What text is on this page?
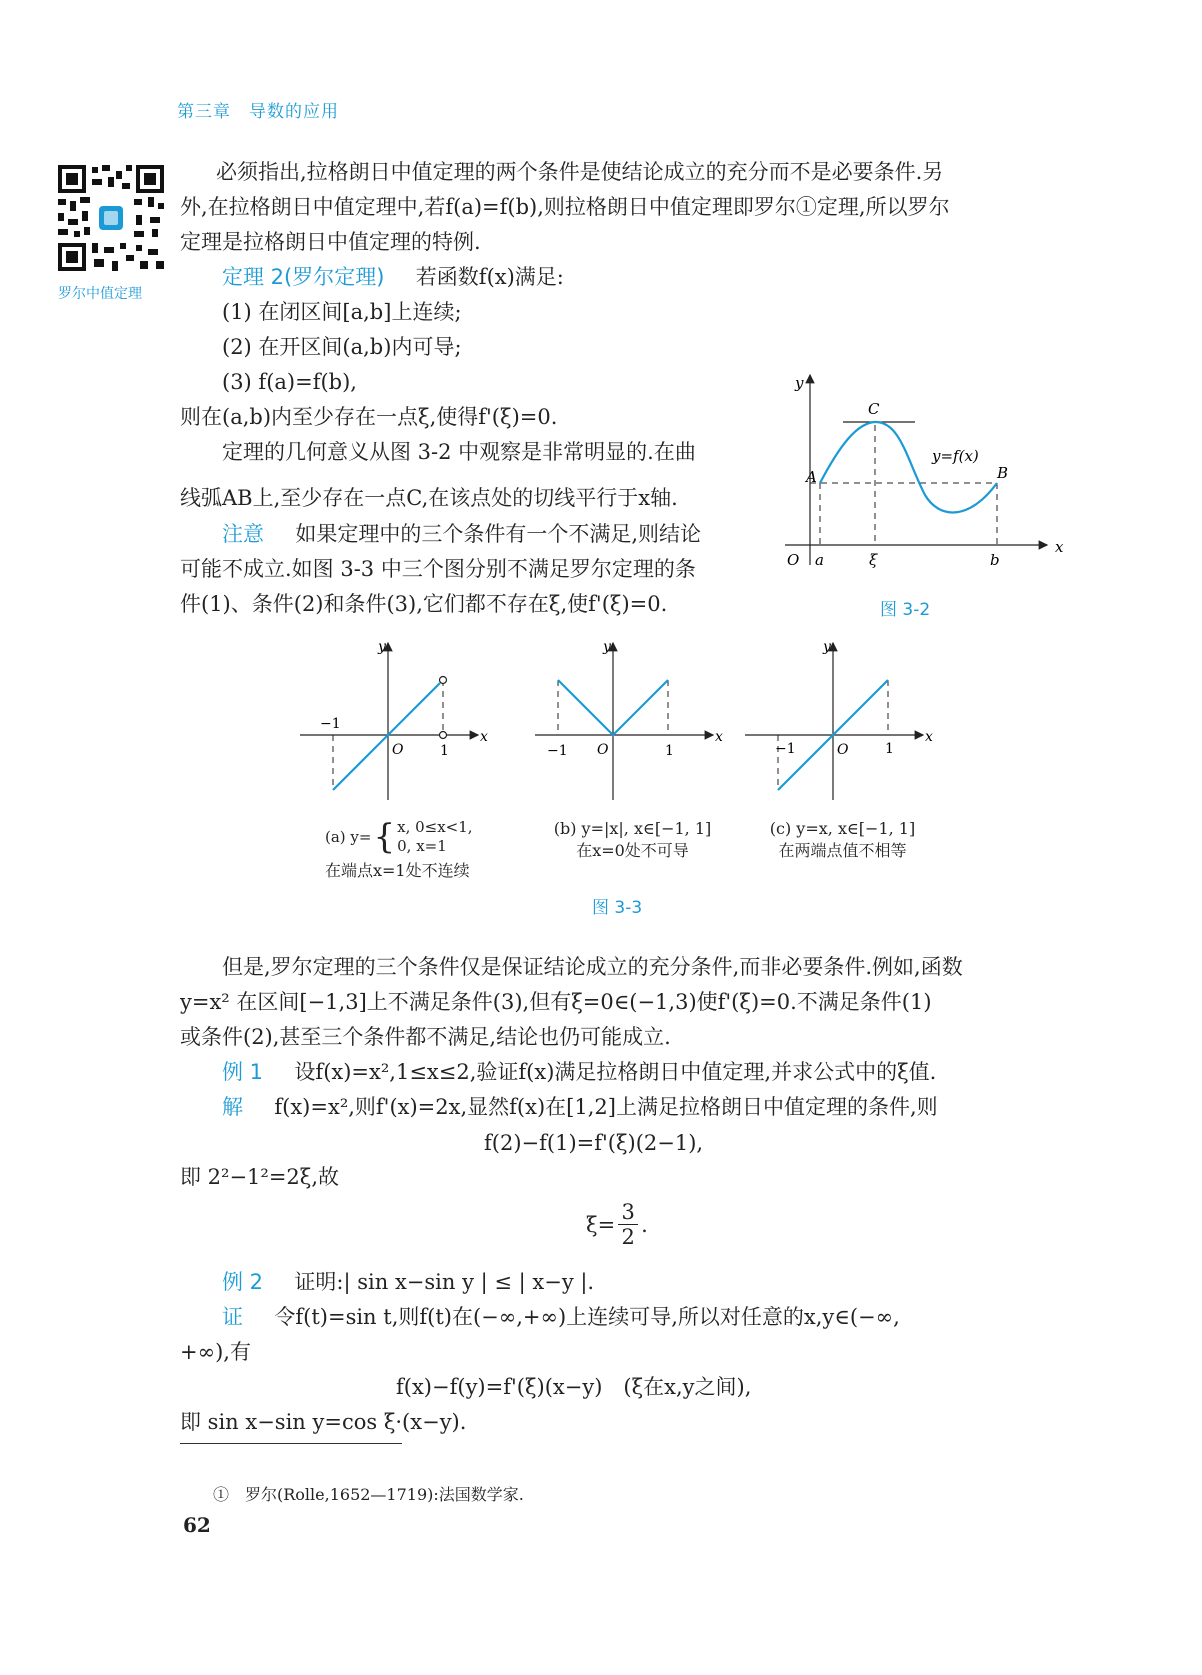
第三章　导数的应用
罗尔中值定理
必须指出,拉格朗日中值定理的两个条件是使结论成立的充分而不是必要条件.另
外,在拉格朗日中值定理中,若f(a)=f(b),则拉格朗日中值定理即罗尔①定理,所以罗尔
定理是拉格朗日中值定理的特例.
定理 2(罗尔定理) 若函数f(x)满足:
(1) 在闭区间[a,b]上连续;
(2) 在开区间(a,b)内可导;
(3) f(a)=f(b),
则在(a,b)内至少存在一点ξ,使得f'(ξ)=0.
定理的几何意义从图 3-2 中观察是非常明显的.在曲
线弧AB上,至少存在一点C,在该点处的切线平行于x轴.
注意 如果定理中的三个条件有一个不满足,则结论
可能不成立.如图 3-3 中三个图分别不满足罗尔定理的条
件(1)、条件(2)和条件(3),它们都不存在ξ,使f'(ξ)=0.
y
x
O a	ξ	b
A	B
C
y=f(x)
图 3-2
y
x
−1
1
O
y
x
−1	1
O
y
x
−1	1
O
(a) y= { x, 0≤x<1,
0, x=1
在端点x=1处不连续
(b) y=|x|, x∈[−1, 1]
在x=0处不可导
(c) y=x, x∈[−1, 1]
在两端点值不相等
图 3-3
但是,罗尔定理的三个条件仅是保证结论成立的充分条件,而非必要条件.例如,函数
y=x² 在区间[−1,3]上不满足条件(3),但有ξ=0∈(−1,3)使f'(ξ)=0.不满足条件(1)
或条件(2),甚至三个条件都不满足,结论也仍可能成立.
例 1 设f(x)=x²,1≤x≤2,验证f(x)满足拉格朗日中值定理,并求公式中的ξ值.
解 f(x)=x²,则f'(x)=2x,显然f(x)在[1,2]上满足拉格朗日中值定理的条件,则
f(2)−f(1)=f'(ξ)(2−1),
即 2²−1²=2ξ,故
ξ=
3
2
.
例 2 证明:| sin x−sin y | ≤ | x−y |.
证 令f(t)=sin t,则f(t)在(−∞,+∞)上连续可导,所以对任意的x,y∈(−∞,
+∞),有
f(x)−f(y)=f'(ξ)(x−y)　(ξ在x,y之间),
即 sin x−sin y=cos ξ·(x−y).
①　罗尔(Rolle,1652—1719):法国数学家.
62
